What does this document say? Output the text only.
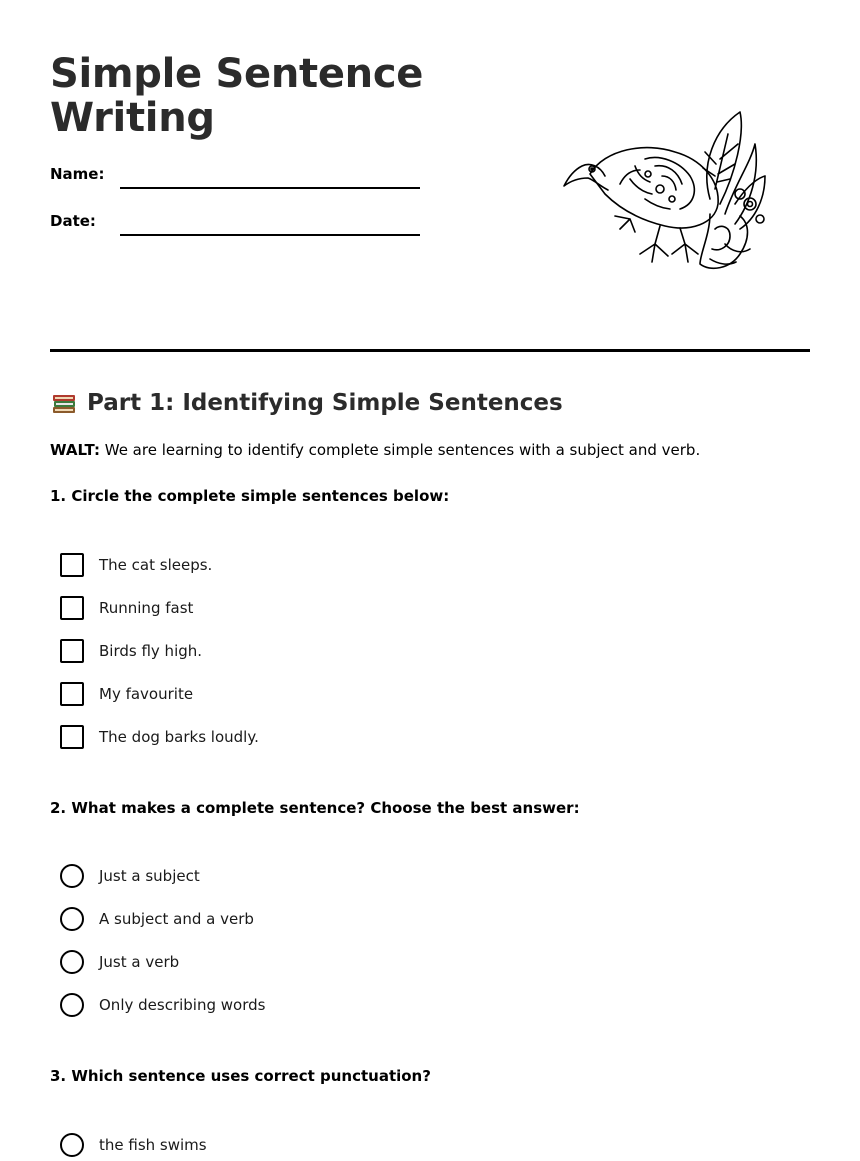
Simple Sentence Writing
Name:
Date:
Part 1: Identifying Simple Sentences
WALT: We are learning to identify complete simple sentences with a subject and verb.
1. Circle the complete simple sentences below:
The cat sleeps.
Running fast
Birds fly high.
My favourite
The dog barks loudly.
2. What makes a complete sentence? Choose the best answer:
Just a subject
A subject and a verb
Just a verb
Only describing words
3. Which sentence uses correct punctuation?
the fish swims
